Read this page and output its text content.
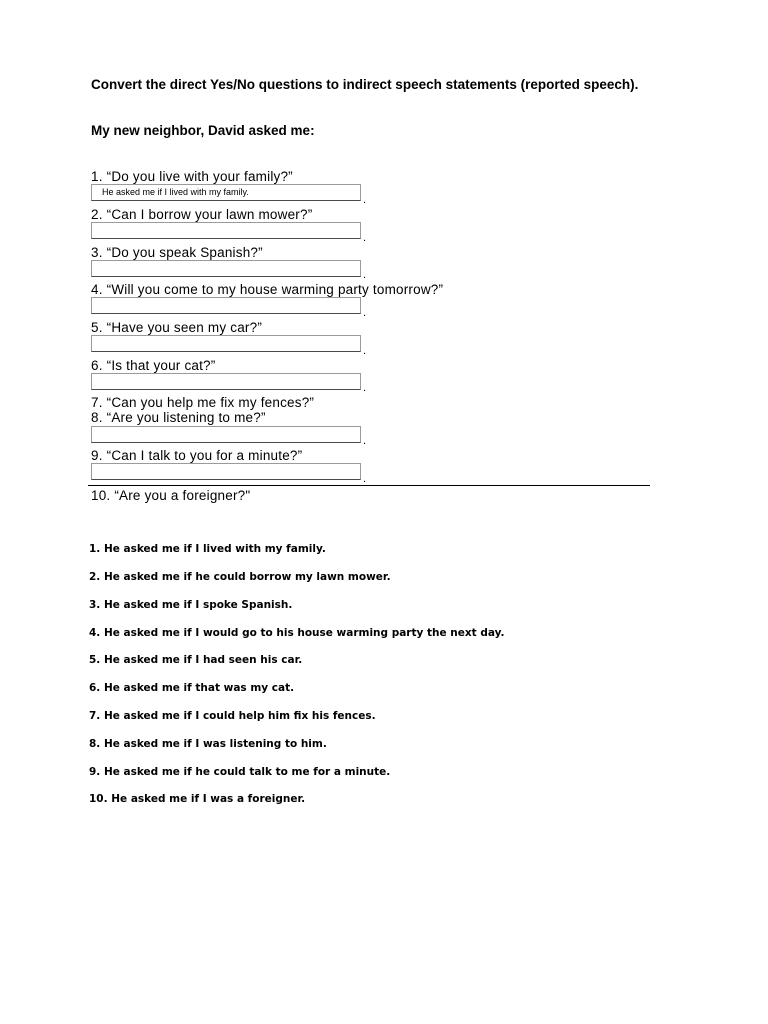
Convert the direct Yes/No questions to indirect speech statements (reported speech).

My new neighbor, David asked me:

1. “Do you live with your family?”
He asked me if I lived with my family.
.
2. “Can I borrow your lawn mower?”
.
3. “Do you speak Spanish?”
.
4. “Will you come to my house warming party tomorrow?”
.
5. “Have you seen my car?”
.
6. “Is that your cat?”
.
7. “Can you help me fix my fences?”
8. “Are you listening to me?”
.
9. “Can I talk to you for a minute?”
.
10. “Are you a foreigner?"
1. He asked me if I lived with my family.
2. He asked me if he could borrow my lawn mower.
3. He asked me if I spoke Spanish.
4. He asked me if I would go to his house warming party the next day.
5. He asked me if I had seen his car.
6. He asked me if that was my cat.
7. He asked me if I could help him fix his fences.
8. He asked me if I was listening to him.
9. He asked me if he could talk to me for a minute.
10. He asked me if I was a foreigner.
